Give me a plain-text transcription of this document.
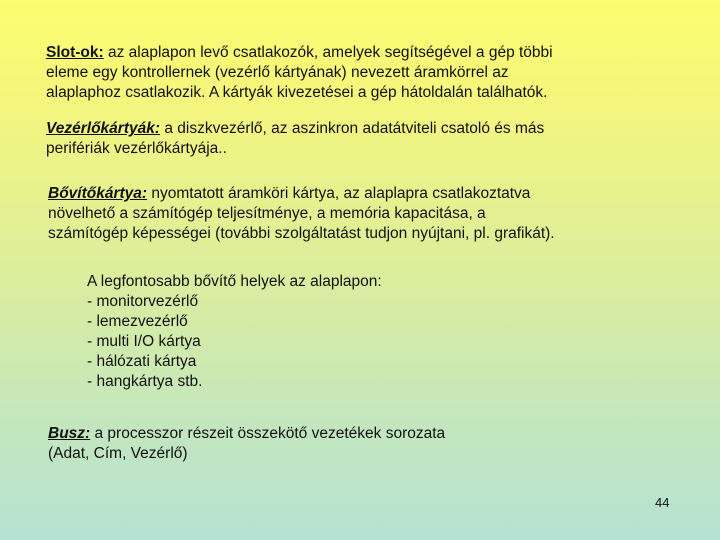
Slot-ok: az alaplapon levő csatlakozók, amelyek segítségével a gép többi
eleme egy kontrollernek (vezérlő kártyának) nevezett áramkörrel az
alaplaphoz csatlakozik. A kártyák kivezetései a gép hátoldalán találhatók.

Vezérlőkártyák: a diszkvezérlő, az aszinkron adatátviteli csatoló és más
perifériák vezérlőkártyája..

Bővítőkártya: nyomtatott áramköri kártya, az alaplapra csatlakoztatva
növelhető a számítógép teljesítménye, a memória kapacitása, a
számítógép képességei (további szolgáltatást tudjon nyújtani, pl. grafikát).

A legfontosabb bővítő helyek az alaplapon:
- monitorvezérlő
- lemezvezérlő
- multi I/O kártya
- hálózati kártya
- hangkártya stb.

Busz: a processzor részeit összekötő vezetékek sorozata
(Adat, Cím, Vezérlő)

44
